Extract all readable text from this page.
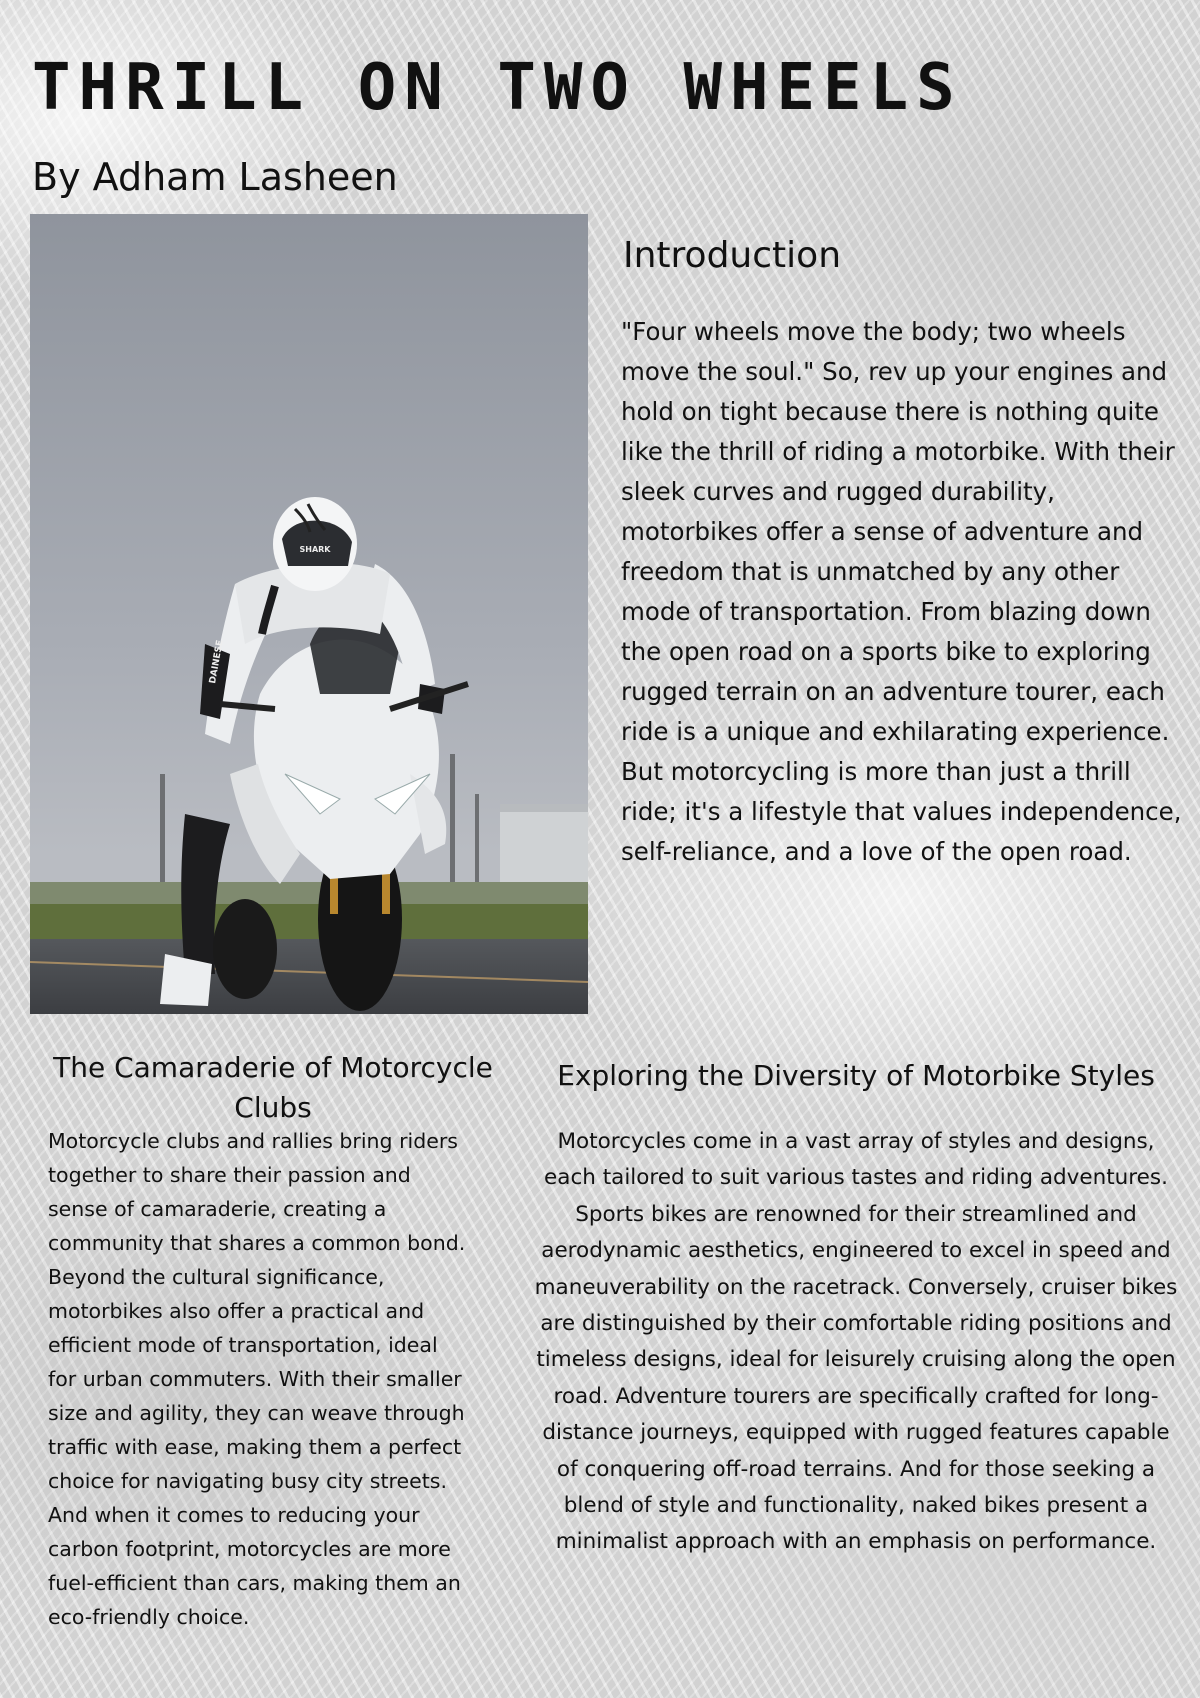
THRILL ON TWO WHEELS

By Adham Lasheen

SHARK
DAINESE
Introduction

"Four wheels move the body; two wheels move the soul." So, rev up your engines and hold on tight because there is nothing quite like the thrill of riding a motorbike. With their sleek curves and rugged durability, motorbikes offer a sense of adventure and freedom that is unmatched by any other mode of transportation. From blazing down the open road on a sports bike to exploring rugged terrain on an adventure tourer, each ride is a unique and exhilarating experience. But motorcycling is more than just a thrill ride; it's a lifestyle that values independence, self-reliance, and a love of the open road.

The Camaraderie of Motorcycle Clubs

Motorcycle clubs and rallies bring riders together to share their passion and sense of camaraderie, creating a community that shares a common bond. Beyond the cultural significance, motorbikes also offer a practical and efficient mode of transportation, ideal for urban commuters. With their smaller size and agility, they can weave through traffic with ease, making them a perfect choice for navigating busy city streets. And when it comes to reducing your carbon footprint, motorcycles are more fuel-efficient than cars, making them an eco-friendly choice.

Exploring the Diversity of Motorbike Styles

Motorcycles come in a vast array of styles and designs, each tailored to suit various tastes and riding adventures. Sports bikes are renowned for their streamlined and aerodynamic aesthetics, engineered to excel in speed and maneuverability on the racetrack. Conversely, cruiser bikes are distinguished by their comfortable riding positions and timeless designs, ideal for leisurely cruising along the open road. Adventure tourers are specifically crafted for long-distance journeys, equipped with rugged features capable of conquering off-road terrains. And for those seeking a blend of style and functionality, naked bikes present a minimalist approach with an emphasis on performance.
